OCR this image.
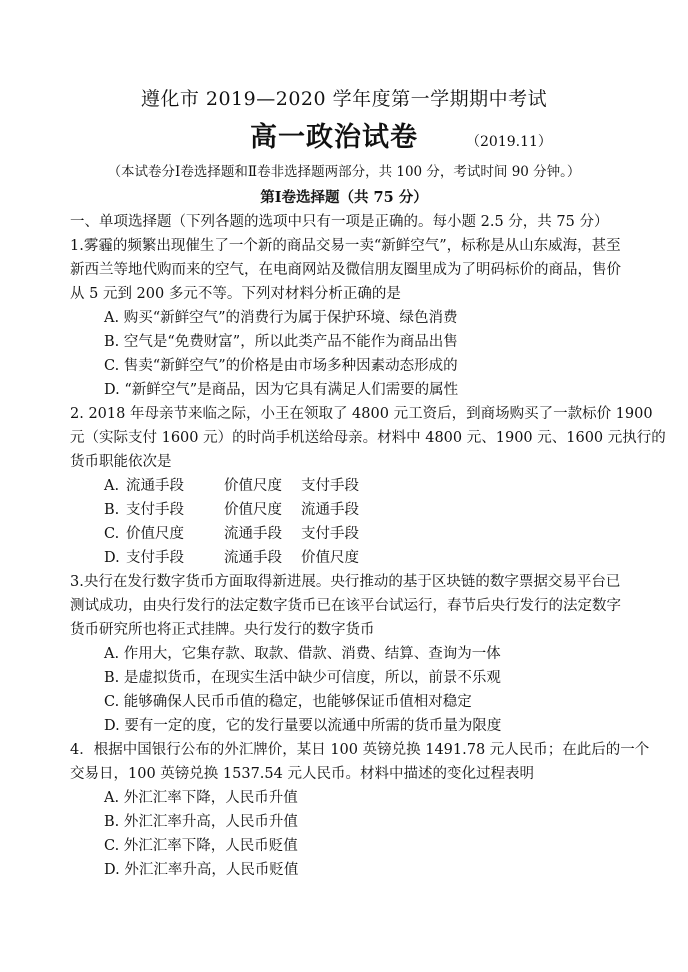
遵化市 2019—2020 学年度第一学期期中考试
高一政治试卷	（2019.11）
（本试卷分Ⅰ卷选择题和Ⅱ卷非选择题两部分，共 100 分，考试时间 90 分钟。）
第Ⅰ卷选择题（共 75 分）
一、单项选择题（下列各题的选项中只有一项是正确的。每小题 2.5 分，共 75 分）
1.雾霾的频繁出现催生了一个新的商品交易一卖“新鲜空气”，标称是从山东威海，甚至
新西兰等地代购而来的空气，在电商网站及微信朋友圈里成为了明码标价的商品，售价
从 5 元到 200 多元不等。下列对材料分析正确的是
A. 购买“新鲜空气”的消费行为属于保护环境、绿色消费
B. 空气是“免费财富”，所以此类产品不能作为商品出售
C. 售卖“新鲜空气”的价格是由市场多种因素动态形成的
D. “新鲜空气”是商品，因为它具有满足人们需要的属性
2. 2018 年母亲节来临之际，小王在领取了 4800 元工资后，到商场购买了一款标价 1900
元（实际支付 1600 元）的时尚手机送给母亲。材料中 4800 元、1900 元、1600 元执行的
货币职能依次是
A. 流通手段	价值尺度 支付手段
B. 支付手段	价值尺度 流通手段
C. 价值尺度	流通手段 支付手段
D. 支付手段	流通手段 价值尺度
3.央行在发行数字货币方面取得新进展。央行推动的基于区块链的数字票据交易平台已
测试成功，由央行发行的法定数字货币已在该平台试运行，春节后央行发行的法定数字
货币研究所也将正式挂牌。央行发行的数字货币
A. 作用大，它集存款、取款、借款、消费、结算、查询为一体
B. 是虚拟货币，在现实生活中缺少可信度，所以，前景不乐观
C. 能够确保人民币币值的稳定，也能够保证币值相对稳定
D. 要有一定的度，它的发行量要以流通中所需的货币量为限度
4．根据中国银行公布的外汇牌价，某日 100 英镑兑换 1491.78 元人民币；在此后的一个
交易日，100 英镑兑换 1537.54 元人民币。材料中描述的变化过程表明
A. 外汇汇率下降，人民币升值
B. 外汇汇率升高，人民币升值
C. 外汇汇率下降，人民币贬值
D. 外汇汇率升高，人民币贬值
